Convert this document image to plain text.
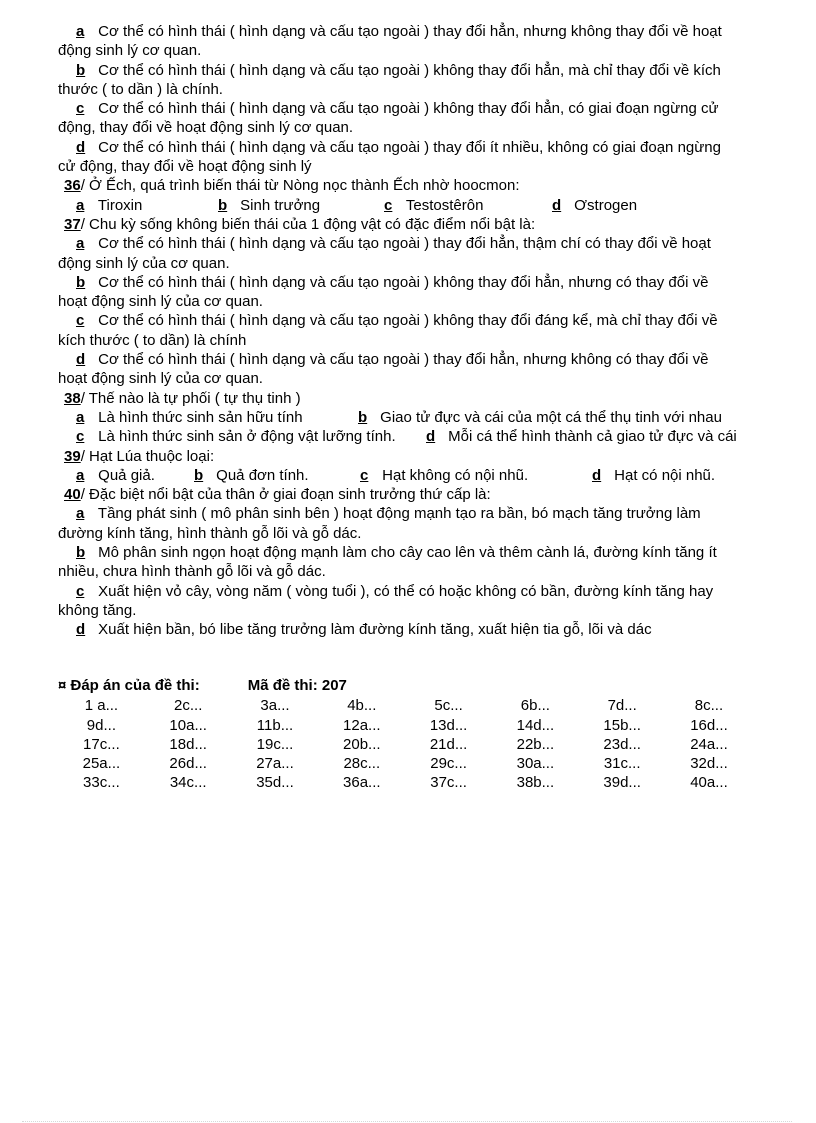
a Cơ thể có hình thái ( hình dạng và cấu tạo ngoài ) thay đổi hẳn, nhưng không thay đổi về hoạt
động sinh lý cơ quan.
b Cơ thể có hình thái ( hình dạng và cấu tạo ngoài ) không thay đổi hẳn, mà chỉ thay đổi về kích
thước ( to dần ) là chính.
c Cơ thể có hình thái ( hình dạng và cấu tạo ngoài ) không thay đổi hẳn, có giai đoạn ngừng cử
động, thay đổi về hoạt động sinh lý cơ quan.
d Cơ thể có hình thái ( hình dạng và cấu tạo ngoài ) thay đổi ít nhiều, không có giai đoạn ngừng
cử động, thay đổi về hoạt động sinh lý
36/ Ở Ếch, quá trình biến thái từ Nòng nọc thành Ếch nhờ hoocmon:
a Tiroxin	b Sinh trưởng	c Testostêrôn	d Ơstrogen
37/ Chu kỳ sống không biến thái của 1 động vật có đặc điểm nổi bật là:
a Cơ thể có hình thái ( hình dạng và cấu tạo ngoài ) thay đổi hẳn, thậm chí có thay đổi về hoạt
động sinh lý của cơ quan.
b Cơ thể có hình thái ( hình dạng và cấu tạo ngoài ) không thay đổi hẳn, nhưng có thay đổi về
hoạt động sinh lý của cơ quan.
c Cơ thể có hình thái ( hình dạng và cấu tạo ngoài ) không thay đổi đáng kể, mà chỉ thay đổi về
kích thước ( to dần) là chính
d Cơ thể có hình thái ( hình dạng và cấu tạo ngoài ) thay đổi hẳn, nhưng không có thay đổi về
hoạt động sinh lý của cơ quan.
38/ Thế nào là tự phối ( tự thụ tinh )
a Là hình thức sinh sản hữu tính	b Giao tử đực và cái của một cá thể thụ tinh với nhau
c Là hình thức sinh sản ở động vật lưỡng tính. d Mỗi cá thể hình thành cả giao tử đực và cái
39/ Hạt Lúa thuộc loại:
a Quả giả.	b Quả đơn tính.	c Hạt không có nội nhũ.	d Hạt có nội nhũ.
40/ Đặc biệt nổi bật của thân ở giai đoạn sinh trưởng thứ cấp là:
a Tầng phát sinh ( mô phân sinh bên ) hoạt động mạnh tạo ra bần, bó mạch tăng trưởng làm
đường kính tăng, hình thành gỗ lõi và gỗ dác.
b Mô phân sinh ngọn hoạt động mạnh làm cho cây cao lên và thêm cành lá, đường kính tăng ít
nhiều, chưa hình thành gỗ lõi và gỗ dác.
c Xuất hiện vỏ cây, vòng năm ( vòng tuổi ), có thể có hoặc không có bần, đường kính tăng hay
không tăng.
d Xuất hiện bần, bó libe tăng trưởng làm đường kính tăng, xuất hiện tia gỗ, lõi và dác
¤ Đáp án của đề thi:	Mã đề thi: 207
1 a...	2c...	3a...	4b...	5c...	6b...	7d...	8c...
9d...	10a...	11b...	12a...	13d...	14d...	15b...	16d...
17c...	18d...	19c...	20b...	21d...	22b...	23d...	24a...
25a...	26d...	27a...	28c...	29c...	30a...	31c...	32d...
33c...	34c...	35d...	36a...	37c...	38b...	39d...	40a...
